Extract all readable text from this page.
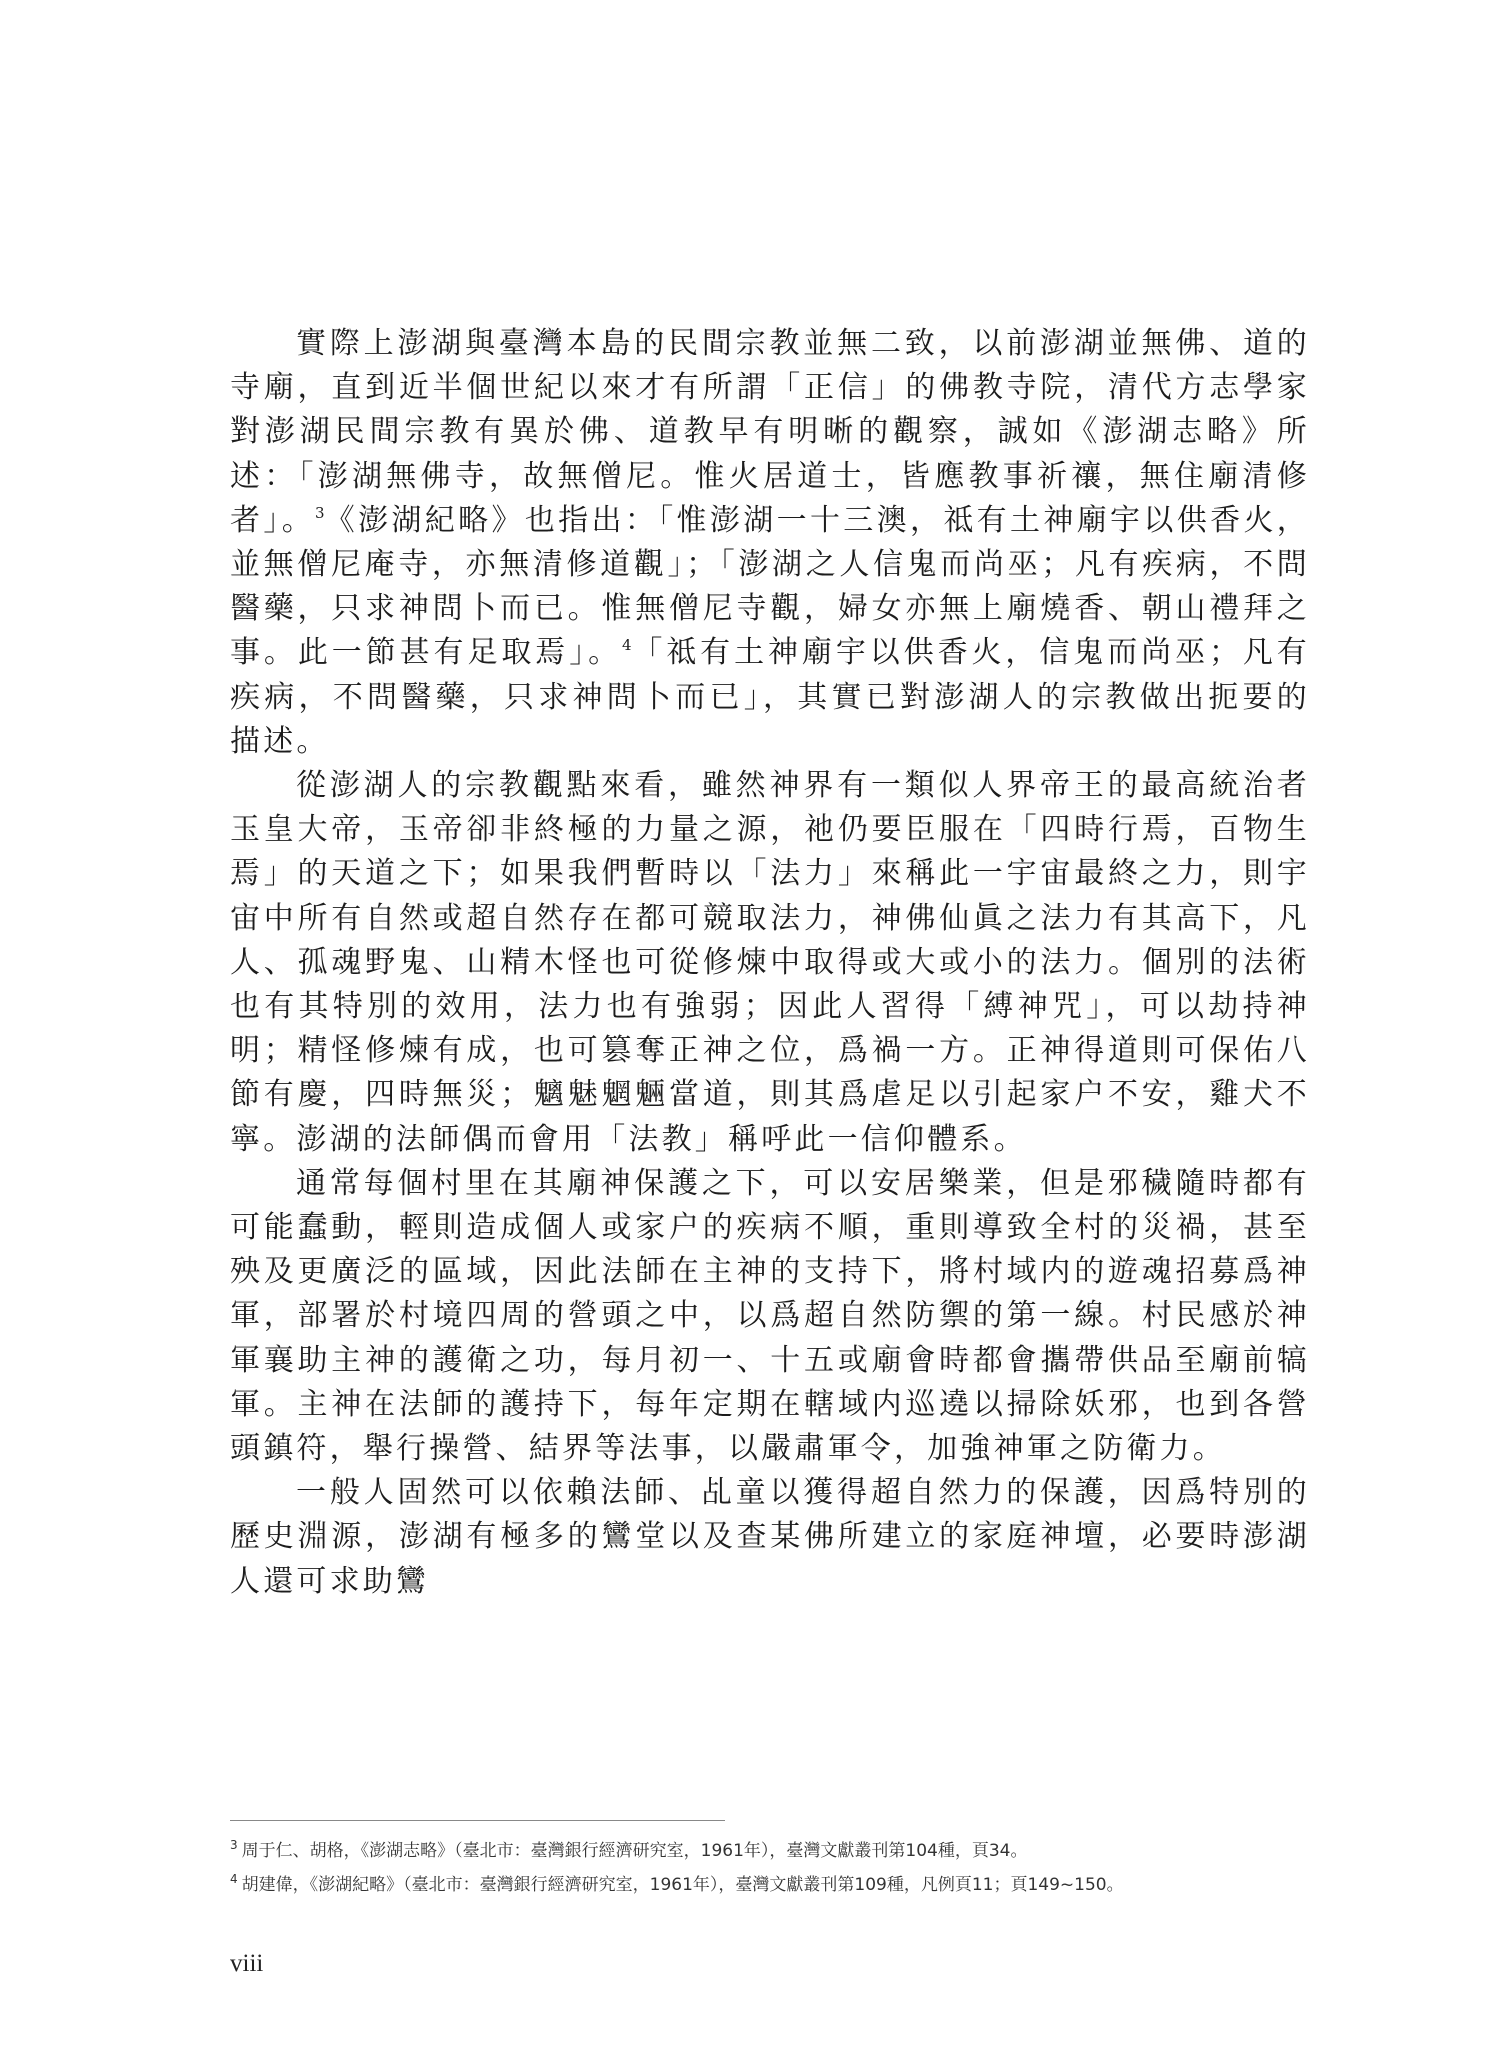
實際上澎湖與臺灣本島的民間宗教並無二致，以前澎湖並無佛、道的寺廟，直到近半個世紀以來才有所謂「正信」的佛教寺院，清代方志學家對澎湖民間宗教有異於佛、道教早有明晰的觀察，誠如《澎湖志略》所述：「澎湖無佛寺，故無僧尼。惟火居道士，皆應教事祈禳，無住廟清修者」。$^3$《澎湖紀略》也指出：「惟澎湖一十三澳，祗有土神廟宇以供香火，並無僧尼庵寺，亦無清修道觀」；「澎湖之人信鬼而尚巫；凡有疾病，不問醫藥，只求神問卜而已。惟無僧尼寺觀，婦女亦無上廟燒香、朝山禮拜之事。此一節甚有足取焉」。$^4$「祗有土神廟宇以供香火，信鬼而尚巫；凡有疾病，不問醫藥，只求神問卜而已」，其實已對澎湖人的宗教做出扼要的描述。

從澎湖人的宗教觀點來看，雖然神界有一類似人界帝王的最高統治者玉皇大帝，玉帝卻非終極的力量之源，祂仍要臣服在「四時行焉，百物生焉」的天道之下；如果我們暫時以「法力」來稱此一宇宙最終之力，則宇宙中所有自然或超自然存在都可競取法力，神佛仙眞之法力有其高下，凡人、孤魂野鬼、山精木怪也可從修煉中取得或大或小的法力。個別的法術也有其特別的效用，法力也有強弱；因此人習得「縛神咒」，可以劫持神明；精怪修煉有成，也可篡奪正神之位，爲禍一方。正神得道則可保佑八節有慶，四時無災；魑魅魍魎當道，則其爲虐足以引起家户不安，雞犬不寧。澎湖的法師偶而會用「法教」稱呼此一信仰體系。

通常每個村里在其廟神保護之下，可以安居樂業，但是邪穢隨時都有可能蠢動，輕則造成個人或家户的疾病不順，重則導致全村的災禍，甚至殃及更廣泛的區域，因此法師在主神的支持下，將村域内的遊魂招募爲神軍，部署於村境四周的營頭之中，以爲超自然防禦的第一線。村民感於神軍襄助主神的護衛之功，每月初一、十五或廟會時都會攜帶供品至廟前犒軍。主神在法師的護持下，每年定期在轄域内巡遶以掃除妖邪，也到各營頭鎮符，舉行操營、結界等法事，以嚴肅軍令，加強神軍之防衛力。

一般人固然可以依賴法師、乩童以獲得超自然力的保護，因爲特別的歷史淵源，澎湖有極多的鸞堂以及查某佛所建立的家庭神壇，必要時澎湖人還可求助鸞

$^3$ 周于仁、胡格，《澎湖志略》（臺北市：臺灣銀行經濟研究室，1961年），臺灣文獻叢刊第104種，頁34。

$^4$ 胡建偉，《澎湖紀略》（臺北市：臺灣銀行經濟研究室，1961年），臺灣文獻叢刊第109種，凡例頁11；頁149~150。

viii
